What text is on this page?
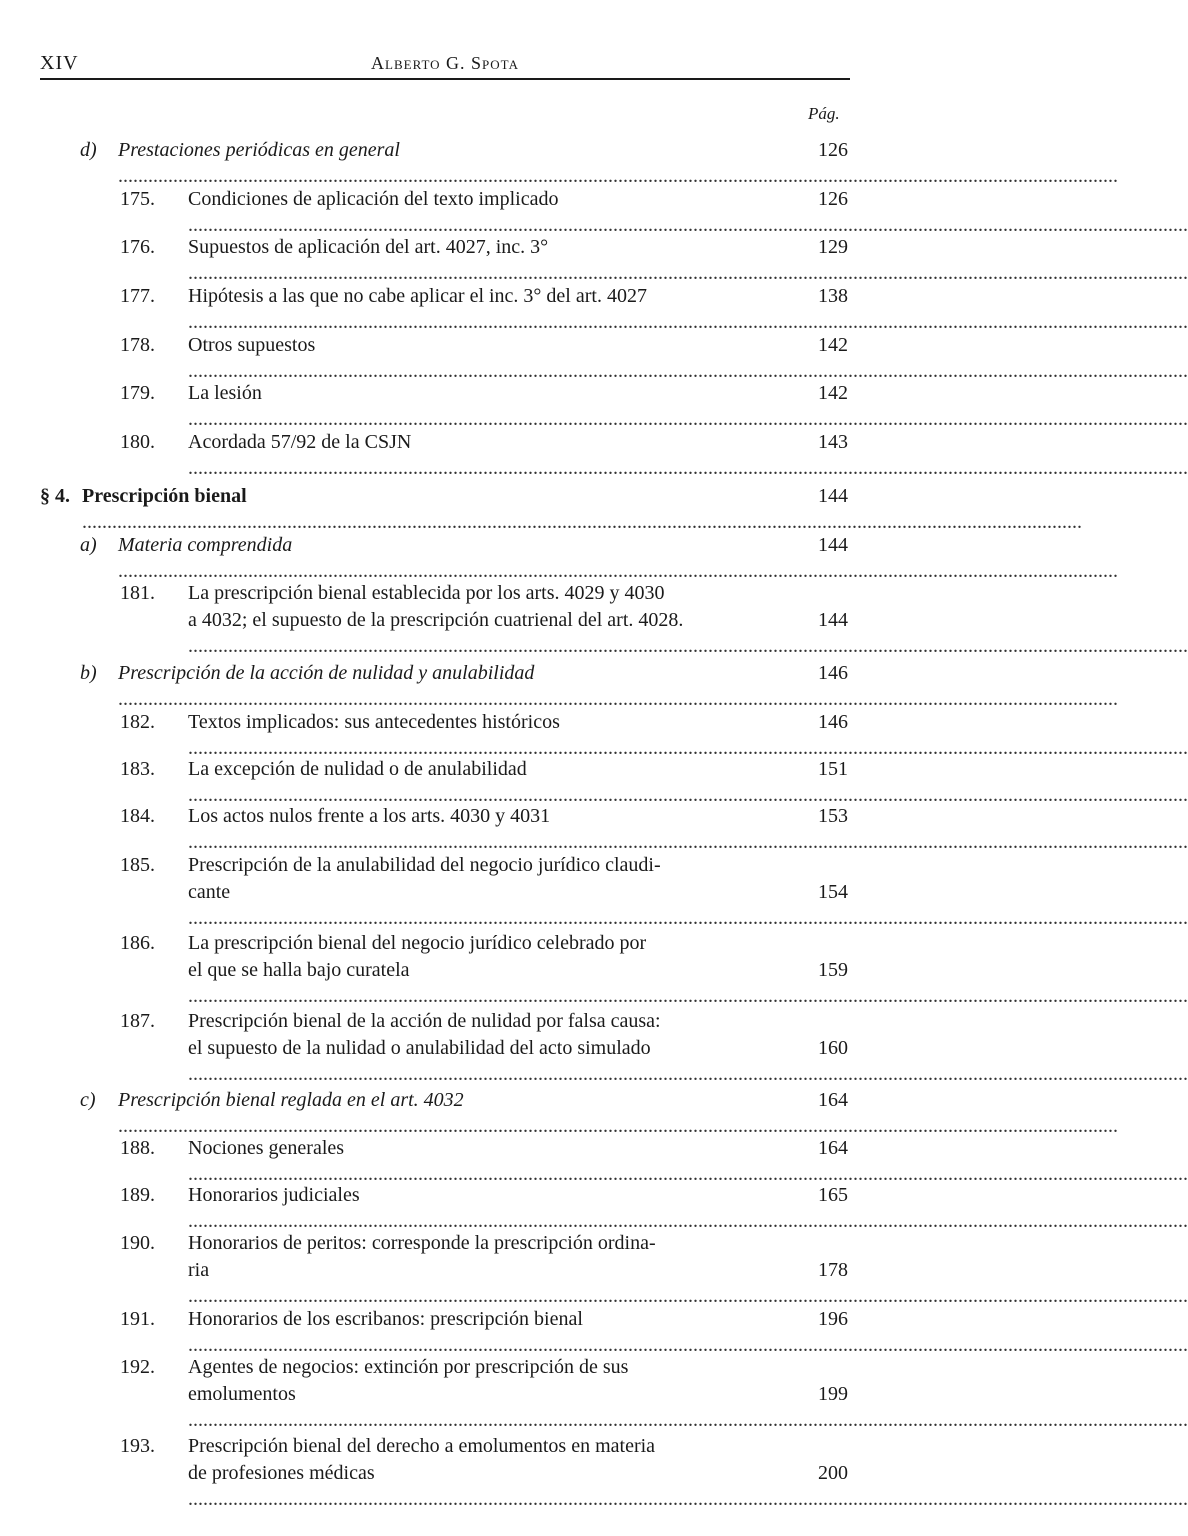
XIV	Alberto G. Spota
Pág.
d) Prestaciones periódicas en general ........................................................................................................................................................................................................
126
175. Condiciones de aplicación del texto implicado ........................................................................................................................................................................................................
126
176. Supuestos de aplicación del art. 4027, inc. 3° ........................................................................................................................................................................................................
129
177. Hipótesis a las que no cabe aplicar el inc. 3° del art. 4027 ........................................................................................................................................................................................................
138
178. Otros supuestos ........................................................................................................................................................................................................
142
179. La lesión ........................................................................................................................................................................................................
142
180. Acordada 57/92 de la CSJN ........................................................................................................................................................................................................
143
§ 4. Prescripción bienal ........................................................................................................................................................................................................
144
a) Materia comprendida ........................................................................................................................................................................................................
144
181. La prescripción bienal establecida por los arts. 4029 y 4030
a 4032; el supuesto de la prescripción cuatrienal del art. 4028. ........................................................................................................................................................................................................
144
b) Prescripción de la acción de nulidad y anulabilidad ........................................................................................................................................................................................................
146
182. Textos implicados: sus antecedentes históricos ........................................................................................................................................................................................................
146
183. La excepción de nulidad o de anulabilidad ........................................................................................................................................................................................................
151
184. Los actos nulos frente a los arts. 4030 y 4031 ........................................................................................................................................................................................................
153
185. Prescripción de la anulabilidad del negocio jurídico claudi-
cante ........................................................................................................................................................................................................
154
186. La prescripción bienal del negocio jurídico celebrado por
el que se halla bajo curatela ........................................................................................................................................................................................................
159
187. Prescripción bienal de la acción de nulidad por falsa causa:
el supuesto de la nulidad o anulabilidad del acto simulado ........................................................................................................................................................................................................
160
c) Prescripción bienal reglada en el art. 4032 ........................................................................................................................................................................................................
164
188. Nociones generales ........................................................................................................................................................................................................
164
189. Honorarios judiciales ........................................................................................................................................................................................................
165
190. Honorarios de peritos: corresponde la prescripción ordina-
ria ........................................................................................................................................................................................................
178
191. Honorarios de los escribanos: prescripción bienal ........................................................................................................................................................................................................
196
192. Agentes de negocios: extinción por prescripción de sus
emolumentos ........................................................................................................................................................................................................
199
193. Prescripción bienal del derecho a emolumentos en materia
de profesiones médicas ........................................................................................................................................................................................................
200
